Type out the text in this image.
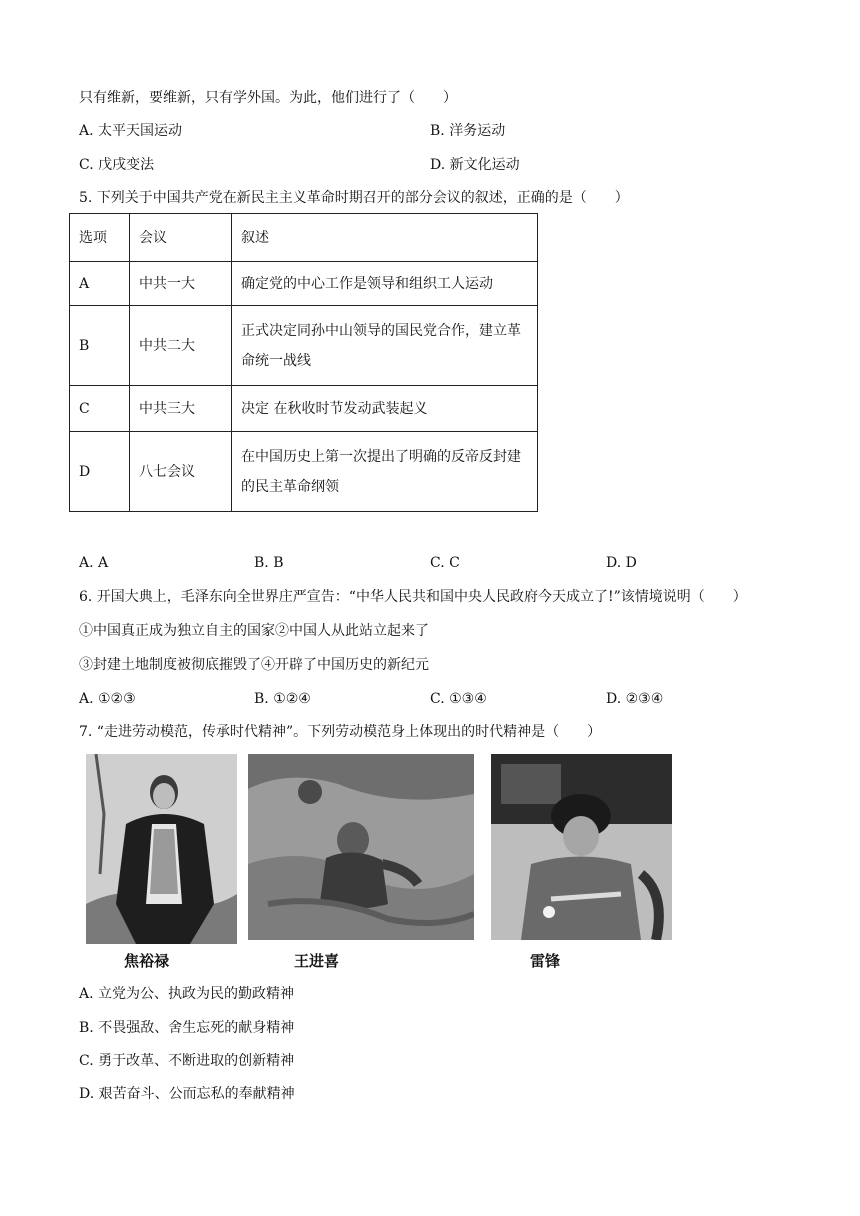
只有维新，要维新，只有学外国。为此，他们进行了（　　）
A. 太平天国运动	B. 洋务运动
C. 戊戌变法	D. 新文化运动
5. 下列关于中国共产党在新民主主义革命时期召开的部分会议的叙述，正确的是（　　）
选项	会议	叙述
A	中共一大	确定党的中心工作是领导和组织工人运动
B	中共二大	正式决定同孙中山领导的国民党合作，建立革命统一战线
C	中共三大	决定 在秋收时节发动武装起义
D	八七会议	在中国历史上第一次提出了明确的反帝反封建的民主革命纲领
A. A	B. B	C. C	D. D
6. 开国大典上，毛泽东向全世界庄严宣告：“中华人民共和国中央人民政府今天成立了!”该情境说明（　　）
①中国真正成为独立自主的国家②中国人从此站立起来了
③封建土地制度被彻底摧毁了④开辟了中国历史的新纪元
A. ①②③	B. ①②④	C. ①③④	D. ②③④
7. “走进劳动模范，传承时代精神”。下列劳动模范身上体现出的时代精神是（　　）
焦裕禄	王进喜	雷锋
A. 立党为公、执政为民的勤政精神
B. 不畏强敌、舍生忘死的献身精神
C. 勇于改革、不断进取的创新精神
D. 艰苦奋斗、公而忘私的奉献精神
